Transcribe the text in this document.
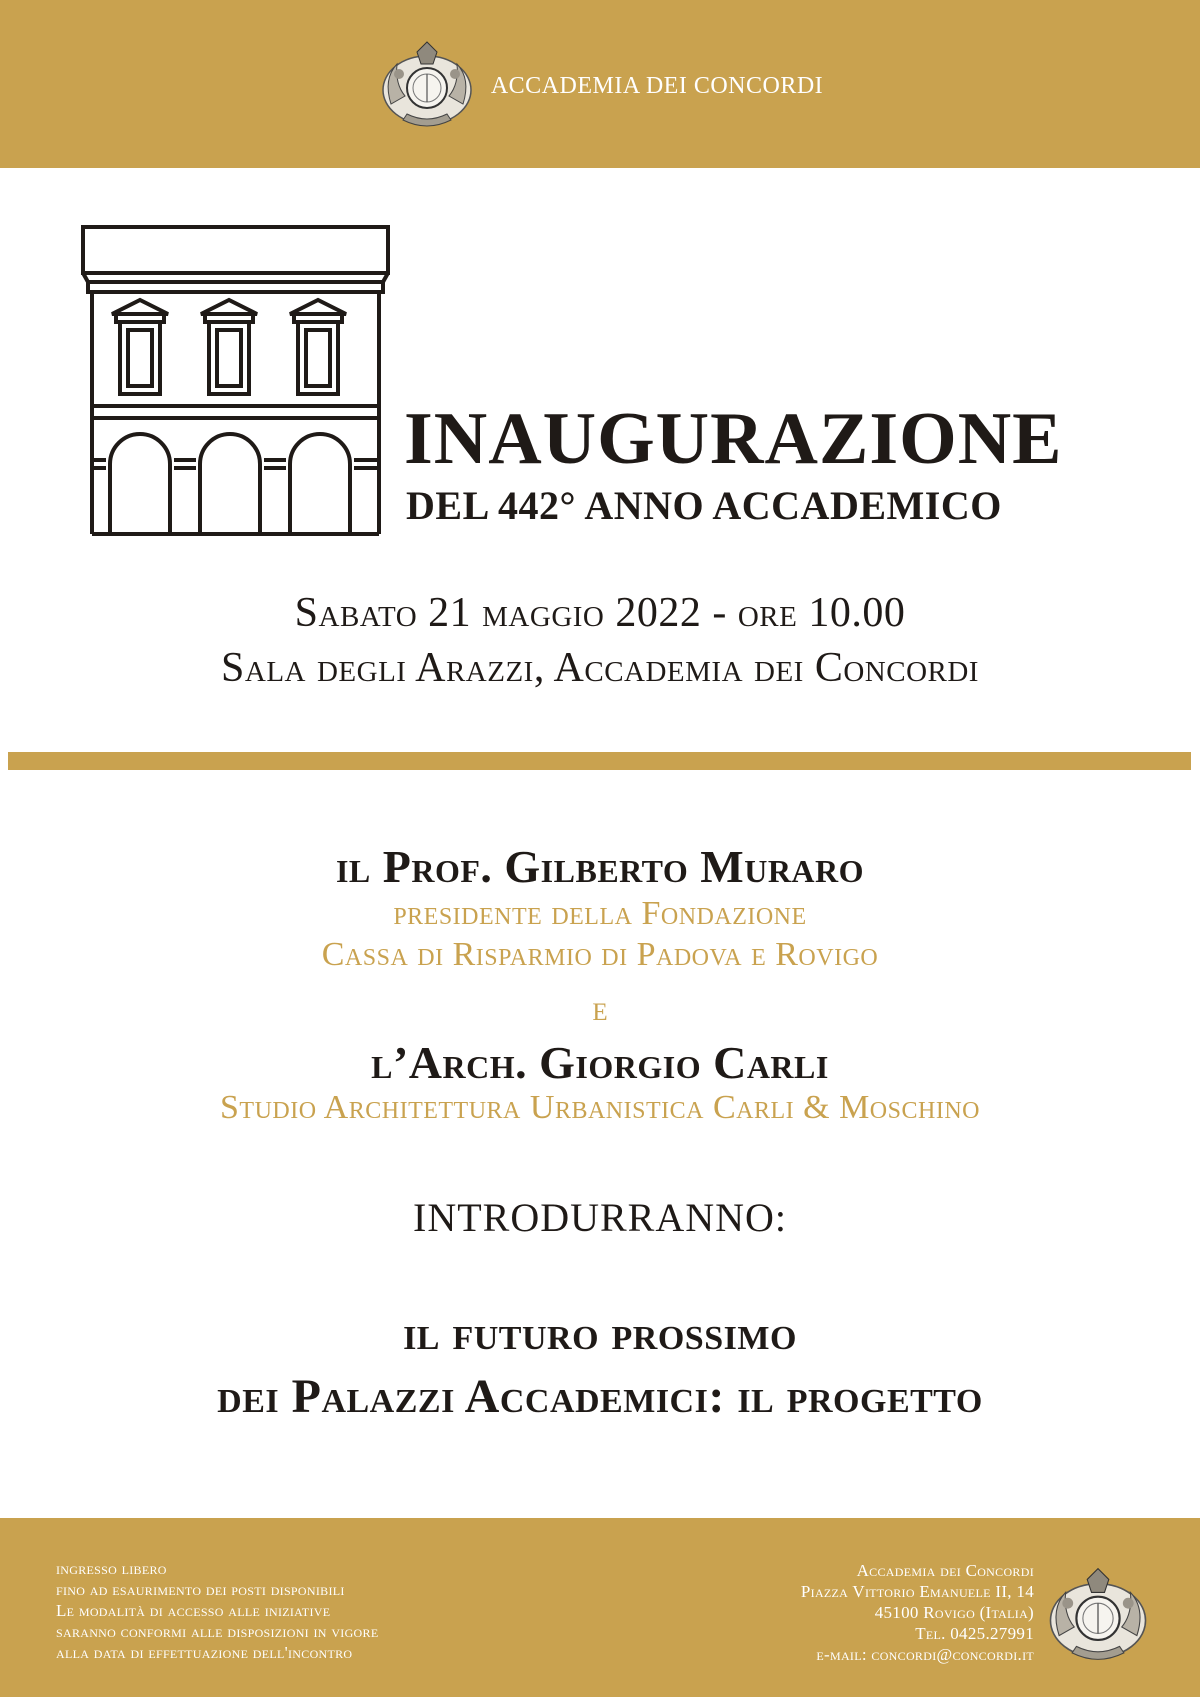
ACCADEMIA DEI CONCORDI
INAUGURAZIONE
DEL 442° ANNO ACCADEMICO
Sabato 21 maggio 2022 - ore 10.00
Sala degli Arazzi, Accademia dei Concordi
il Prof. Gilberto Muraro
presidente della Fondazione
Cassa di Risparmio di Padova e Rovigo
e
l’Arch. Giorgio Carli
Studio Architettura Urbanistica Carli & Moschino
INTRODURRANNO:
il futuro prossimo
dei Palazzi Accademici: il progetto
ingresso libero
fino ad esaurimento dei posti disponibili
Le modalità di accesso alle iniziative
saranno conformi alle disposizioni in vigore
alla data di effettuazione dell'incontro
Accademia dei Concordi
Piazza Vittorio Emanuele II, 14
45100 Rovigo (Italia)
Tel. 0425.27991
e-mail: concordi@concordi.it
